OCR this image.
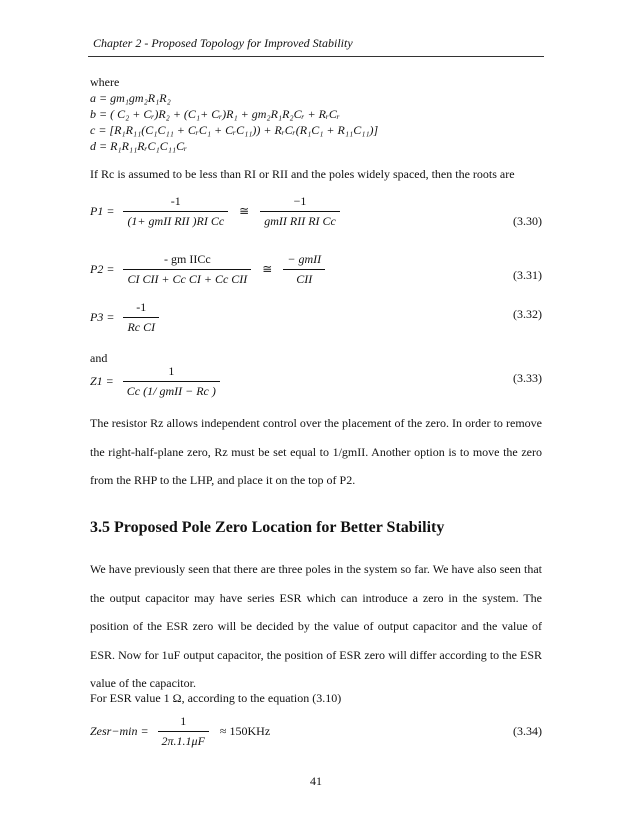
Chapter 2 - Proposed Topology for Improved Stability
where
a = gm₁gm₂R₁R₂
b = ( C₂ + Cᵣ)R₂ + (C₁+ Cᵣ)R₁ + gm₂R₁R₂Cᵣ + RᵣCᵣ
c = [R₁R₁₁(C₁C₁₁ + CᵣC₁ + CᵣC₁₁)) + RᵣCᵣ(R₁C₁ + R₁₁C₁₁)]
d = R₁R₁₁RᵣC₁C₁₁Cᵣ
If Rc is assumed to be less than RI or RII and the poles widely spaced, then the roots are
$P1 = \frac{-1}{\text{(1+ gmII RII )RI Cc}}$ ≅ $\frac{-1}{\text{gmII RII RI Cc}}$	(3.30)
$P2 = \frac{\text{- gm IICc}}{\text{CI CII + Cc CI + Cc CII}}$ ≅ $\frac{\text{− gmII}}{\text{CII}}$	(3.31)
$P3 = \frac{-1}{\text{Rc CI}}$	(3.32)
and
$Z1 = \frac{1}{\text{Cc (1/ gmII − Rc )}}$	(3.33)
The resistor Rz allows independent control over the placement of the zero. In order to remove the right-half-plane zero, Rz must be set equal to 1/gmII. Another option is to move the zero from the RHP to the LHP, and place it on the top of P2.
3.5 Proposed Pole Zero Location for Better Stability
We have previously seen that there are three poles in the system so far. We have also seen that the output capacitor may have series ESR which can introduce a zero in the system. The position of the ESR zero will be decided by the value of output capacitor and the value of ESR. Now for 1uF output capacitor, the position of ESR zero will differ according to the ESR value of the capacitor.
For ESR value 1 Ω, according to the equation (3.10)
Zesr−min = $\frac{1}{2\pi.1.1\mu F} \approx 150KHz$	(3.34)
41
